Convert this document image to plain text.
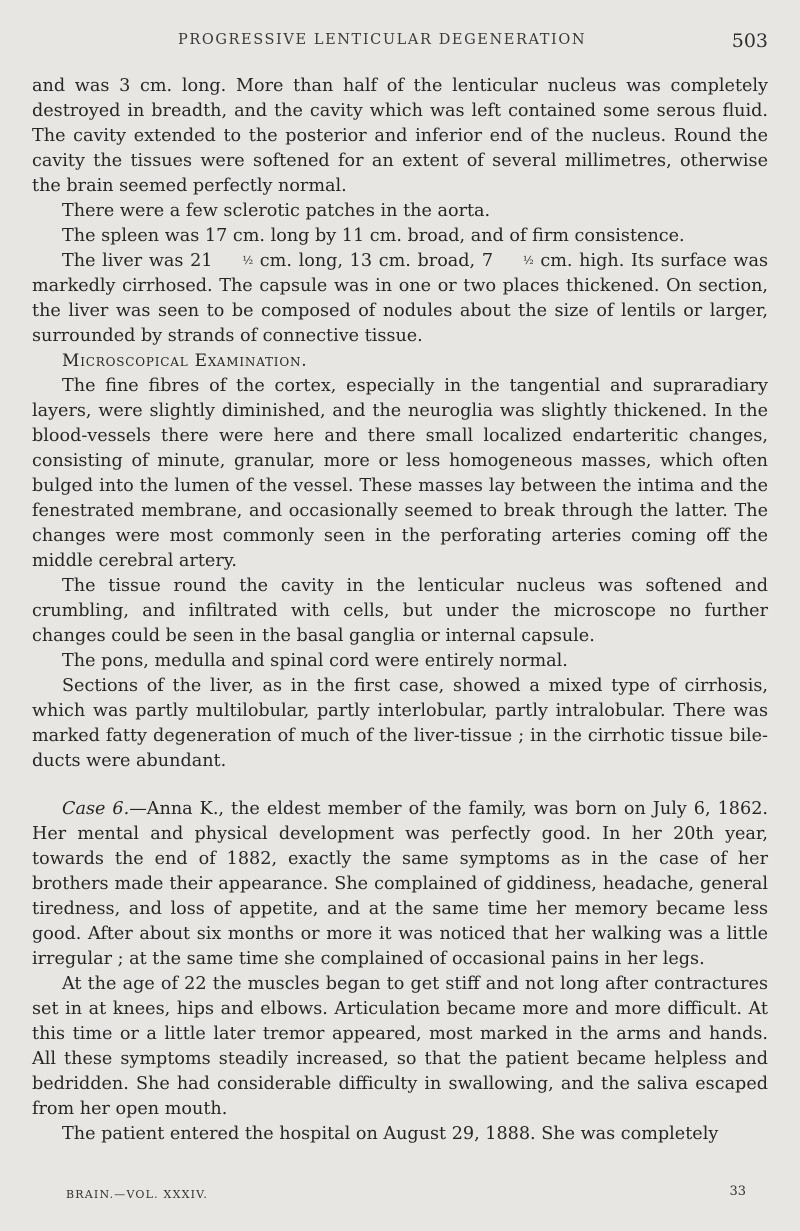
PROGRESSIVE LENTICULAR DEGENERATION	503

and was 3 cm. long. More than half of the lenticular nucleus was completely destroyed in breadth, and the cavity which was left contained some serous fluid. The cavity extended to the posterior and inferior end of the nucleus. Round the cavity the tissues were softened for an extent of several millimetres, otherwise the brain seemed perfectly normal.

There were a few sclerotic patches in the aorta.

The spleen was 17 cm. long by 11 cm. broad, and of firm consistence.

The liver was 21	½ cm. long, 13 cm. broad, 7	½ cm. high. Its surface was markedly cirrhosed. The capsule was in one or two places thickened. On section, the liver was seen to be composed of nodules about the size of lentils or larger, surrounded by strands of connective tissue.

Microscopical Examination.

The fine fibres of the cortex, especially in the tangential and supraradiary layers, were slightly diminished, and the neuroglia was slightly thickened. In the blood-vessels there were here and there small localized endarteritic changes, consisting of minute, granular, more or less homogeneous masses, which often bulged into the lumen of the vessel. These masses lay between the intima and the fenestrated membrane, and occasionally seemed to break through the latter. The changes were most commonly seen in the perforating arteries coming off the middle cerebral artery.

The tissue round the cavity in the lenticular nucleus was softened and crumbling, and infiltrated with cells, but under the microscope no further changes could be seen in the basal ganglia or internal capsule.

The pons, medulla and spinal cord were entirely normal.

Sections of the liver, as in the first case, showed a mixed type of cirrhosis, which was partly multilobular, partly interlobular, partly intralobular. There was marked fatty degeneration of much of the liver-tissue ; in the cirrhotic tissue bile-ducts were abundant.

Case 6.—Anna K., the eldest member of the family, was born on July 6, 1862. Her mental and physical development was perfectly good. In her 20th year, towards the end of 1882, exactly the same symptoms as in the case of her brothers made their appearance. She complained of giddiness, headache, general tiredness, and loss of appetite, and at the same time her memory became less good. After about six months or more it was noticed that her walking was a little irregular ; at the same time she complained of occasional pains in her legs.

At the age of 22 the muscles began to get stiff and not long after contractures set in at knees, hips and elbows. Articulation became more and more difficult. At this time or a little later tremor appeared, most marked in the arms and hands. All these symptoms steadily increased, so that the patient became helpless and bedridden. She had considerable difficulty in swallowing, and the saliva escaped from her open mouth.

The patient entered the hospital on August 29, 1888. She was completely

BRAIN.—VOL. XXXIV.	33
